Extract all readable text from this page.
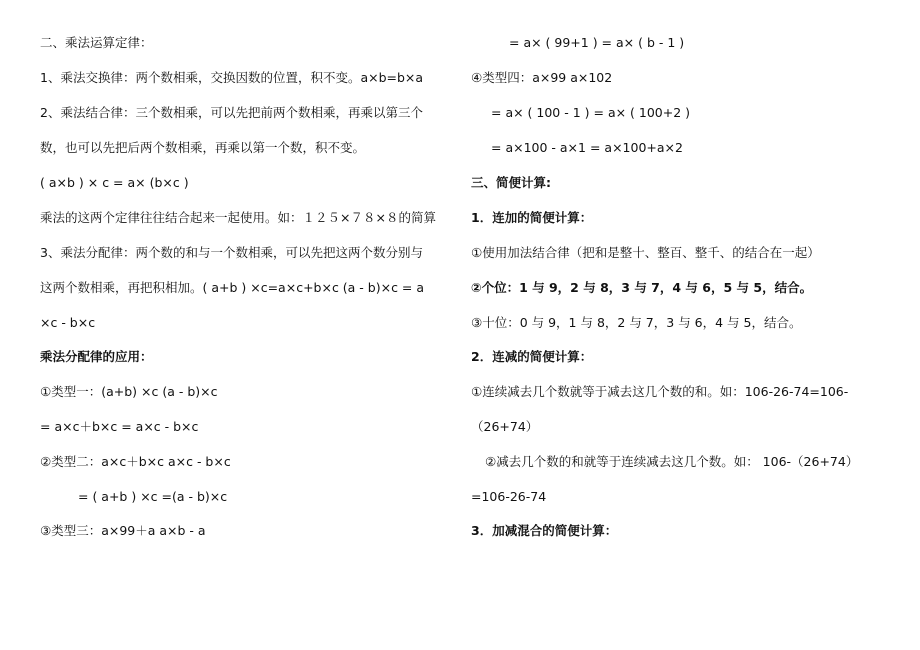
二、乘法运算定律：
1、乘法交换律：两个数相乘，交换因数的位置，积不变。a×b=b×a
2、乘法结合律：三个数相乘，可以先把前两个数相乘，再乘以第三个
数，也可以先把后两个数相乘，再乘以第一个数，积不变。
( a×b ) × c = a× (b×c )
乘法的这两个定律往往结合起来一起使用。如：１２５×７８×８的简算
3、乘法分配律：两个数的和与一个数相乘，可以先把这两个数分别与
这两个数相乘，再把积相加。( a+b ) ×c=a×c+b×c (a - b)×c = a
×c - b×c
乘法分配律的应用：
①类型一：(a+b) ×c (a - b)×c
= a×c＋b×c = a×c - b×c
②类型二：a×c＋b×c a×c - b×c
= ( a+b ) ×c =(a - b)×c
③类型三：a×99＋a a×b - a
= a× ( 99+1 ) = a× ( b - 1 )
④类型四：a×99 a×102
= a× ( 100 - 1 ) = a× ( 100+2 )
= a×100 - a×1 = a×100+a×2
三、简便计算:
1．连加的简便计算：
①使用加法结合律（把和是整十、整百、整千、的结合在一起）
②个位：1 与 9，2 与 8，3 与 7，4 与 6，5 与 5，结合。
③十位：0 与 9，1 与 8，2 与 7，3 与 6，4 与 5，结合。
2．连减的简便计算：
①连续减去几个数就等于减去这几个数的和。如：106-26-74=106-
（26+74）
②减去几个数的和就等于连续减去这几个数。如： 106-（26+74）
=106-26-74
3．加减混合的简便计算：
